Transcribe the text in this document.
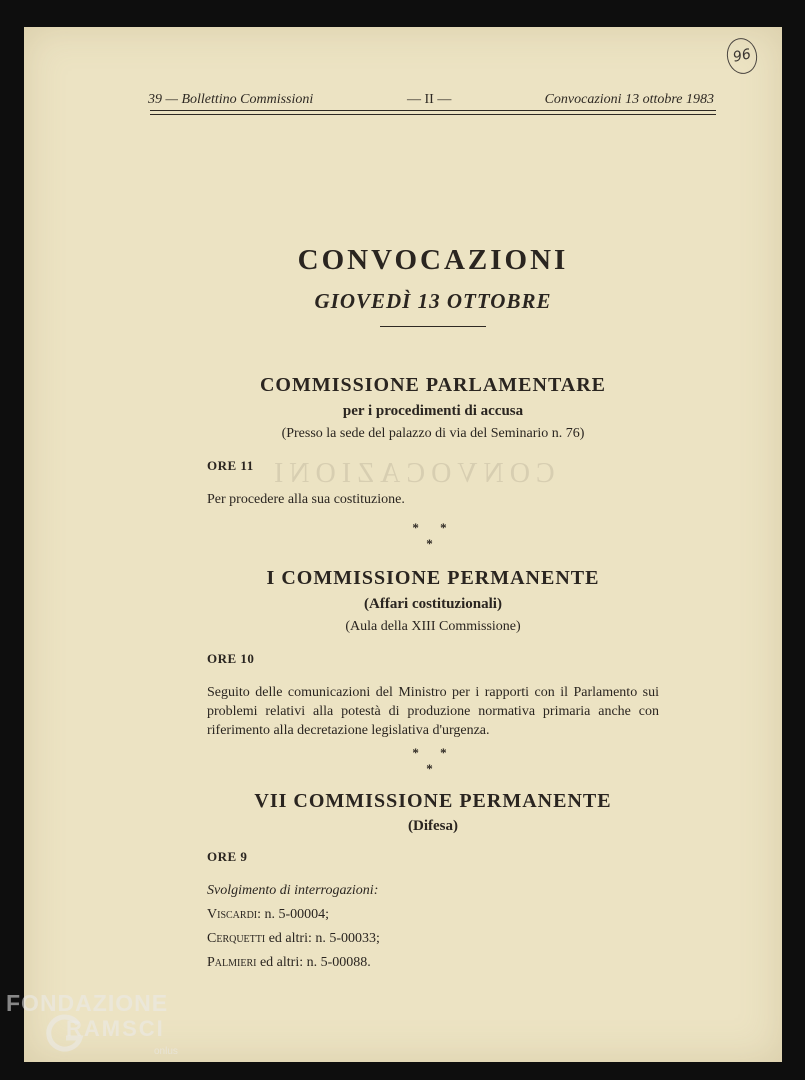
96
39 — Bollettino Commissioni	— II —	Convocazioni 13 ottobre 1983
CONVOCAZIONI
CONVOCAZIONI
GIOVEDÌ 13 OTTOBRE
COMMISSIONE PARLAMENTARE
per i procedimenti di accusa
(Presso la sede del palazzo di via del Seminario n. 76)
ORE 11
Per procedere alla sua costituzione.
* * *
I COMMISSIONE PERMANENTE
(Affari costituzionali)
(Aula della XIII Commissione)
ORE 10
Seguito delle comunicazioni del Ministro per i rapporti con il Parlamento sui problemi relativi alla potestà di produzione normativa primaria anche con riferimento alla decretazione legislativa d'urgenza.
* * *
VII COMMISSIONE PERMANENTE
(Difesa)
ORE 9
Svolgimento di interrogazioni:
Viscardi: n. 5-00004;
Cerquetti ed altri: n. 5-00033;
Palmieri ed altri: n. 5-00088.
FONDAZIONE
RAMSCI
onlus
